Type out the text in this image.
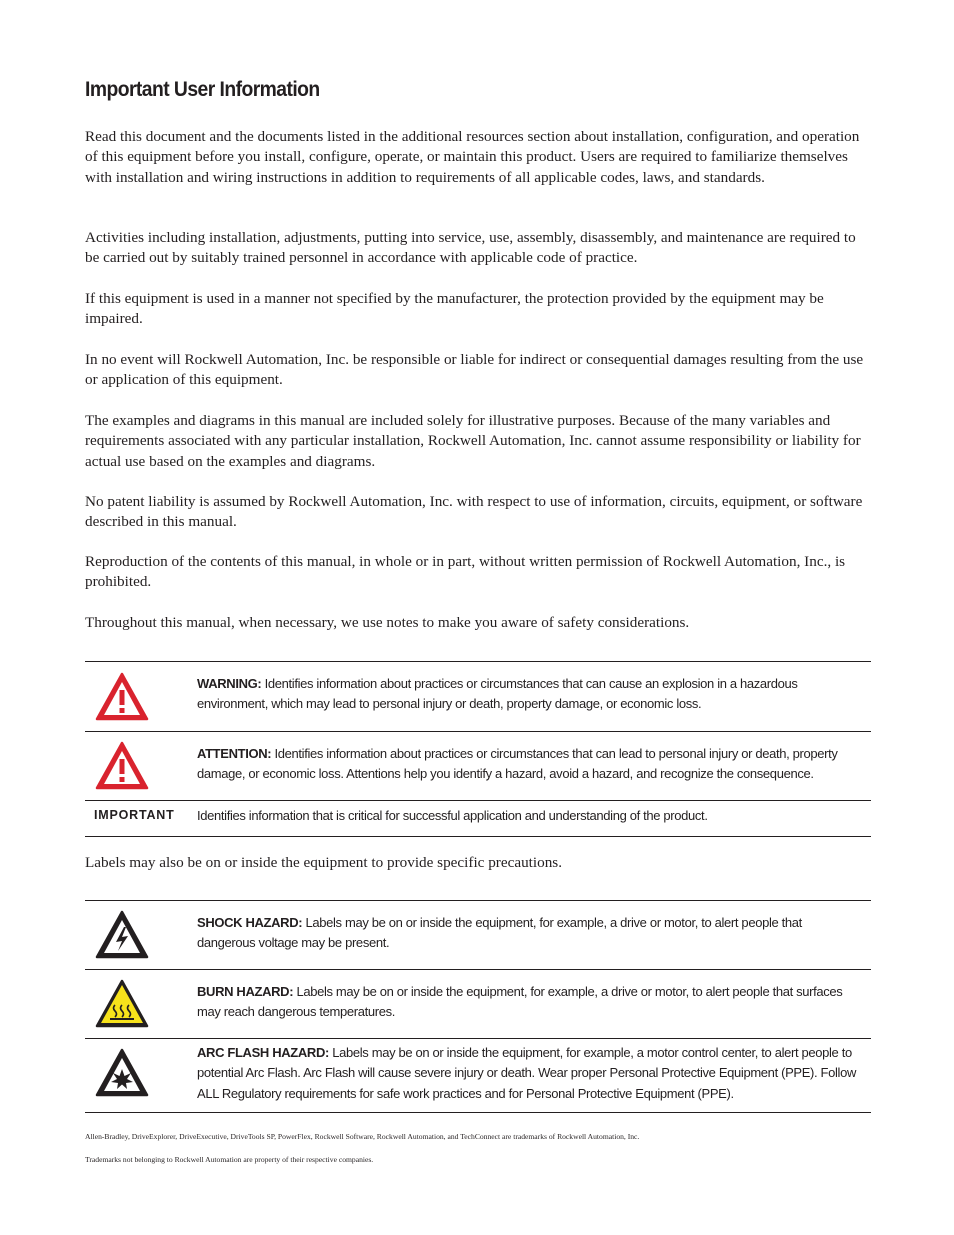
Important User Information

Read this document and the documents listed in the additional resources section about installation, configuration, and operation of this equipment before you install, configure, operate, or maintain this product. Users are required to familiarize themselves with installation and wiring instructions in addition to requirements of all applicable codes, laws, and standards.

Activities including installation, adjustments, putting into service, use, assembly, disassembly, and maintenance are required to be carried out by suitably trained personnel in accordance with applicable code of practice.

If this equipment is used in a manner not specified by the manufacturer, the protection provided by the equipment may be impaired.

In no event will Rockwell Automation, Inc. be responsible or liable for indirect or consequential damages resulting from the use or application of this equipment.

The examples and diagrams in this manual are included solely for illustrative purposes. Because of the many variables and requirements associated with any particular installation, Rockwell Automation, Inc. cannot assume responsibility or liability for actual use based on the examples and diagrams.

No patent liability is assumed by Rockwell Automation, Inc. with respect to use of information, circuits, equipment, or software described in this manual.

Reproduction of the contents of this manual, in whole or in part, without written permission of Rockwell Automation, Inc., is prohibited.

Throughout this manual, when necessary, we use notes to make you aware of safety considerations.

WARNING: Identifies information about practices or circumstances that can cause an explosion in a hazardous environment, which may lead to personal injury or death, property damage, or economic loss.
ATTENTION: Identifies information about practices or circumstances that can lead to personal injury or death, property damage, or economic loss. Attentions help you identify a hazard, avoid a hazard, and recognize the consequence.
IMPORTANT Identifies information that is critical for successful application and understanding of the product.

Labels may also be on or inside the equipment to provide specific precautions.

SHOCK HAZARD: Labels may be on or inside the equipment, for example, a drive or motor, to alert people that dangerous voltage may be present.
BURN HAZARD: Labels may be on or inside the equipment, for example, a drive or motor, to alert people that surfaces may reach dangerous temperatures.
ARC FLASH HAZARD: Labels may be on or inside the equipment, for example, a motor control center, to alert people to potential Arc Flash. Arc Flash will cause severe injury or death. Wear proper Personal Protective Equipment (PPE). Follow ALL Regulatory requirements for safe work practices and for Personal Protective Equipment (PPE).

Allen-Bradley, DriveExplorer, DriveExecutive, DriveTools SP, PowerFlex, Rockwell Software, Rockwell Automation, and TechConnect are trademarks of Rockwell Automation, Inc.

Trademarks not belonging to Rockwell Automation are property of their respective companies.
